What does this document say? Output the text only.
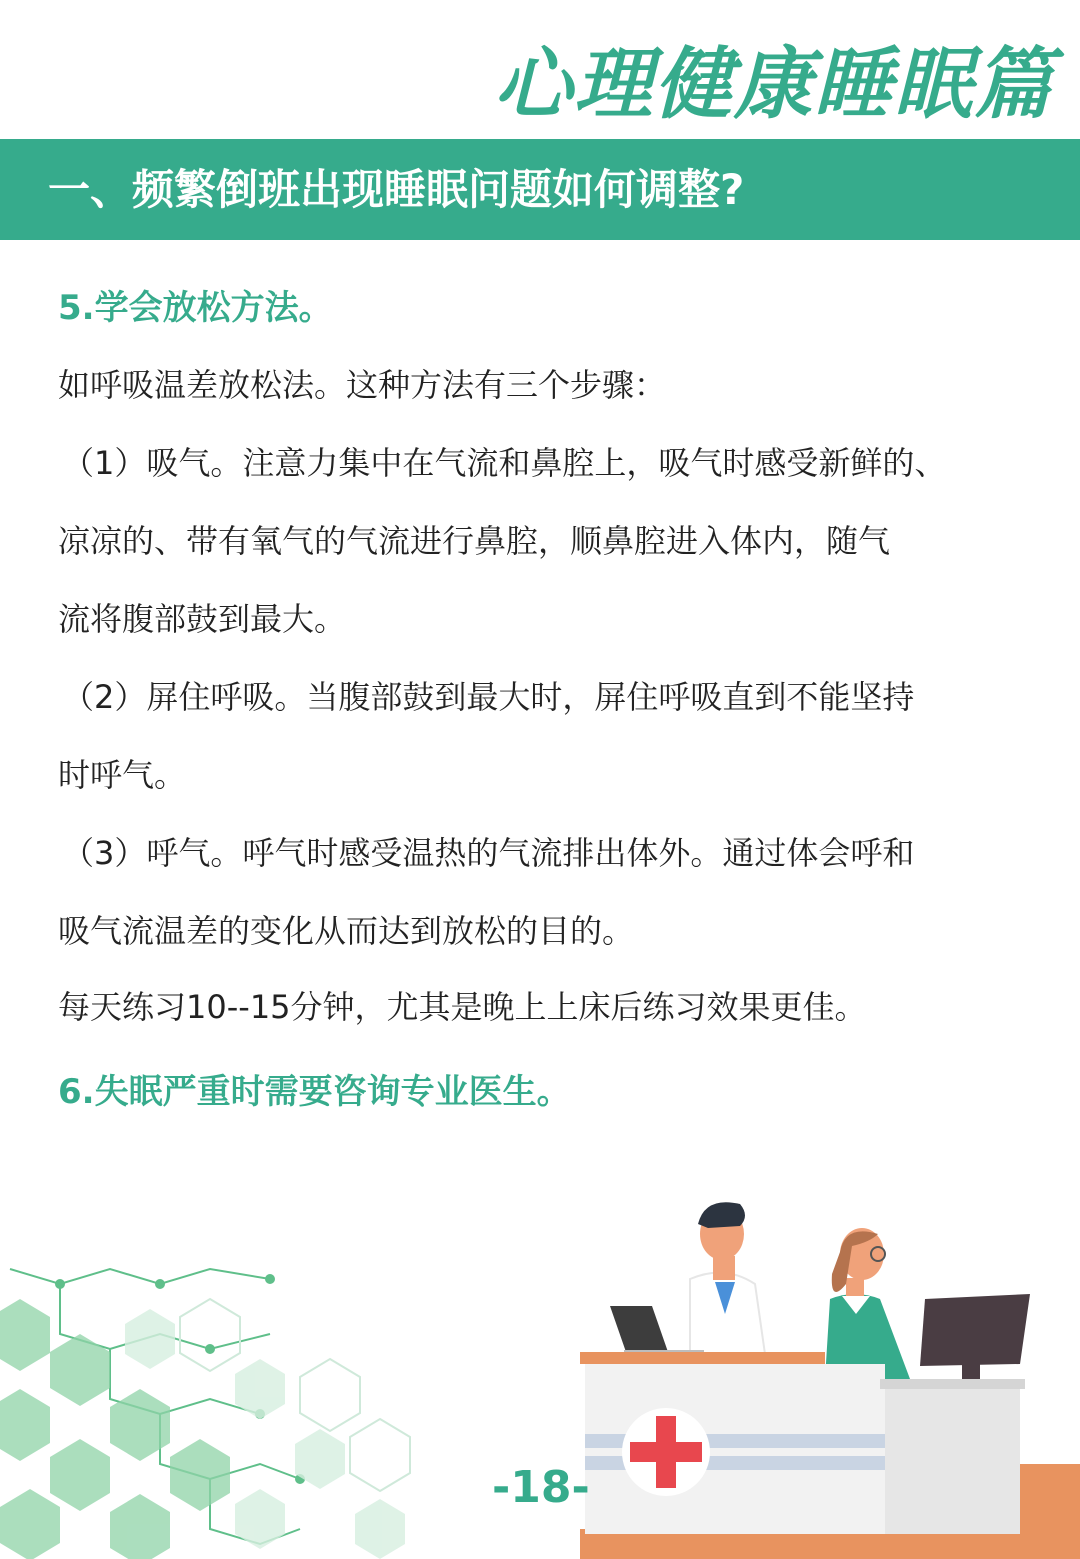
心理健康睡眠篇
一、频繁倒班出现睡眠问题如何调整?
5.学会放松方法。
如呼吸温差放松法。这种方法有三个步骤：
（1）吸气。注意力集中在气流和鼻腔上，吸气时感受新鲜的、
凉凉的、带有氧气的气流进行鼻腔，顺鼻腔进入体内，随气
流将腹部鼓到最大。
（2）屏住呼吸。当腹部鼓到最大时，屏住呼吸直到不能坚持
时呼气。
（3）呼气。呼气时感受温热的气流排出体外。通过体会呼和
吸气流温差的变化从而达到放松的目的。
每天练习10--15分钟，尤其是晚上上床后练习效果更佳。
6.失眠严重时需要咨询专业医生。
-18-
